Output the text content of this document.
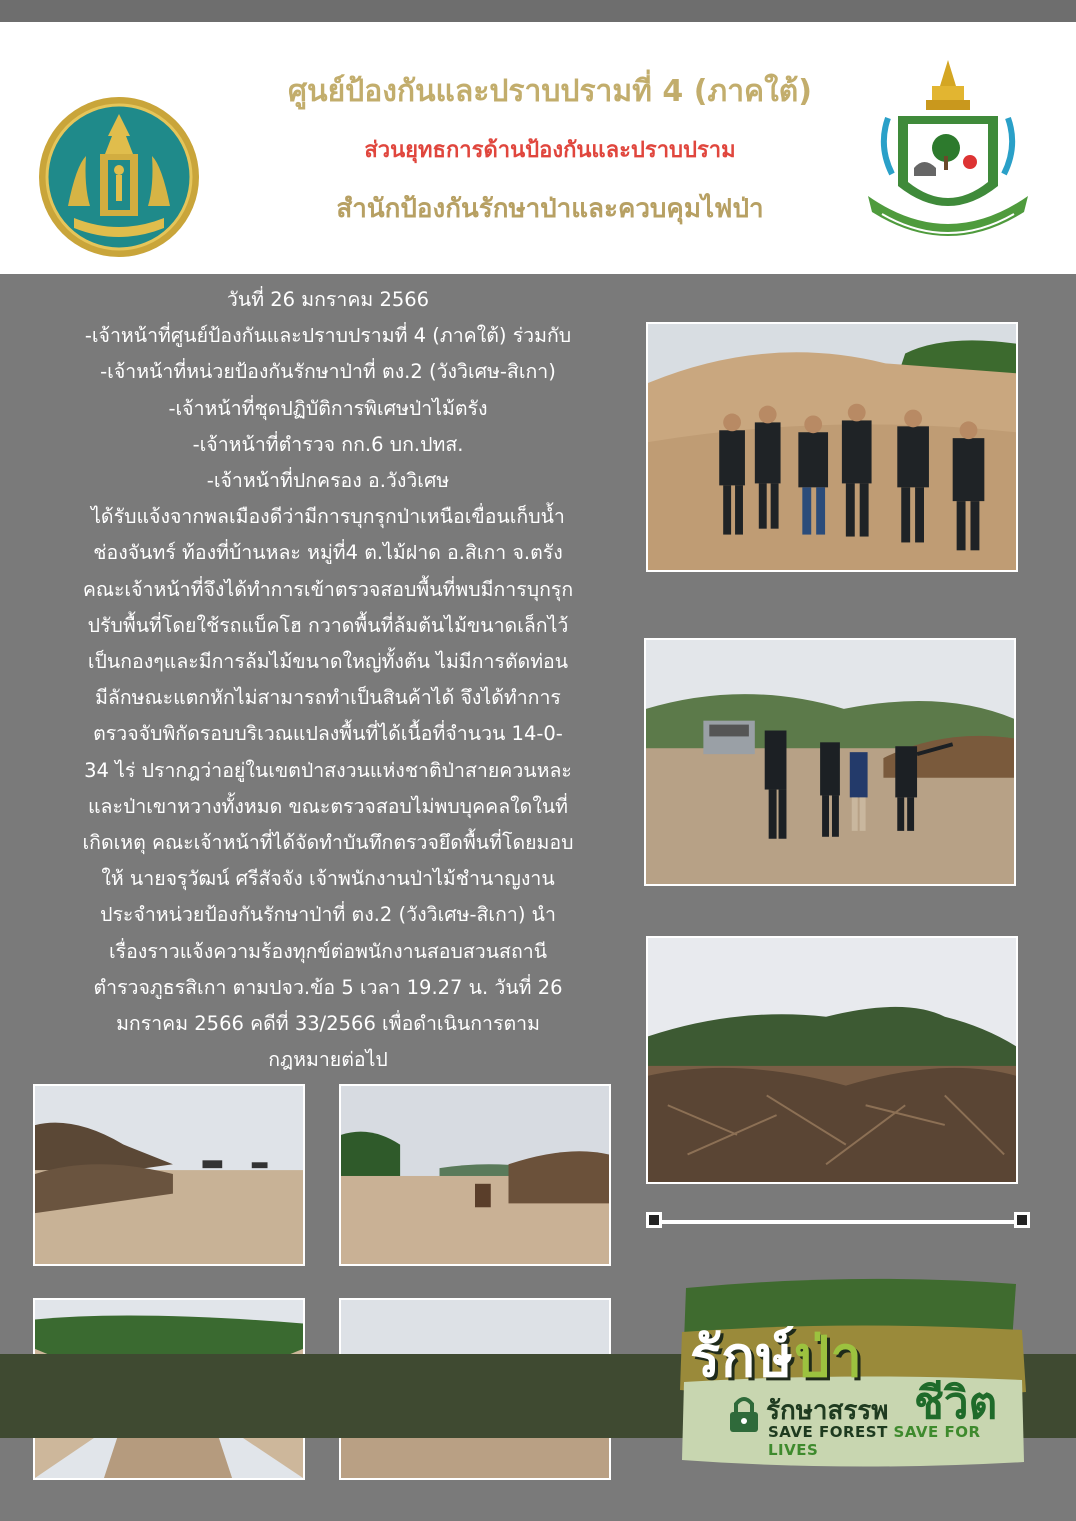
ศูนย์ป้องกันและปราบปรามที่ 4 (ภาคใต้)
ส่วนยุทธการด้านป้องกันและปราบปราม
สำนักป้องกันรักษาป่าและควบคุมไฟป่า
วันที่ 26 มกราคม 2566
-เจ้าหน้าที่ศูนย์ป้องกันและปราบปรามที่ 4 (ภาคใต้) ร่วมกับ
-เจ้าหน้าที่หน่วยป้องกันรักษาป่าที่ ตง.2 (วังวิเศษ-สิเกา)
-เจ้าหน้าที่ชุดปฏิบัติการพิเศษป่าไม้ตรัง
-เจ้าหน้าที่ตำรวจ กก.6 บก.ปทส.
-เจ้าหน้าที่ปกครอง อ.วังวิเศษ
ได้รับแจ้งจากพลเมืองดีว่ามีการบุกรุกป่าเหนือเขื่อนเก็บน้ำ
ช่องจันทร์ ท้องที่บ้านหละ หมู่ที่4 ต.ไม้ฝาด อ.สิเกา จ.ตรัง
คณะเจ้าหน้าที่จึงได้ทำการเข้าตรวจสอบพื้นที่พบมีการบุกรุก
ปรับพื้นที่โดยใช้รถแบ็คโฮ กวาดพื้นที่ล้มต้นไม้ขนาดเล็กไว้
เป็นกองๆและมีการล้มไม้ขนาดใหญ่ทั้งต้น ไม่มีการตัดท่อน
มีลักษณะแตกหักไม่สามารถทำเป็นสินค้าได้ จึงได้ทำการ
ตรวจจับพิกัดรอบบริเวณแปลงพื้นที่ได้เนื้อที่จำนวน 14-0-
34 ไร่ ปรากฎว่าอยู่ในเขตป่าสงวนแห่งชาติป่าสายควนหละ
และป่าเขาหวางทั้งหมด ขณะตรวจสอบไม่พบบุคคลใดในที่
เกิดเหตุ คณะเจ้าหน้าที่ได้จัดทำบันทึกตรวจยึดพื้นที่โดยมอบ
ให้ นายจรุวัฒน์ ศรีสัจจัง เจ้าพนักงานป่าไม้ชำนาญงาน
ประจำหน่วยป้องกันรักษาป่าที่ ตง.2 (วังวิเศษ-สิเกา) นำ
เรื่องราวแจ้งความร้องทุกข์ต่อพนักงานสอบสวนสถานี
ตำรวจภูธรสิเกา ตามปจว.ข้อ 5 เวลา 19.27 น. วันที่ 26
มกราคม 2566 คดีที่ 33/2566 เพื่อดำเนินการตาม
กฎหมายต่อไป
รักษ์ป่า
ชีวิต
รักษาสรรพ
SAVE FOREST SAVE FOR LIVES
